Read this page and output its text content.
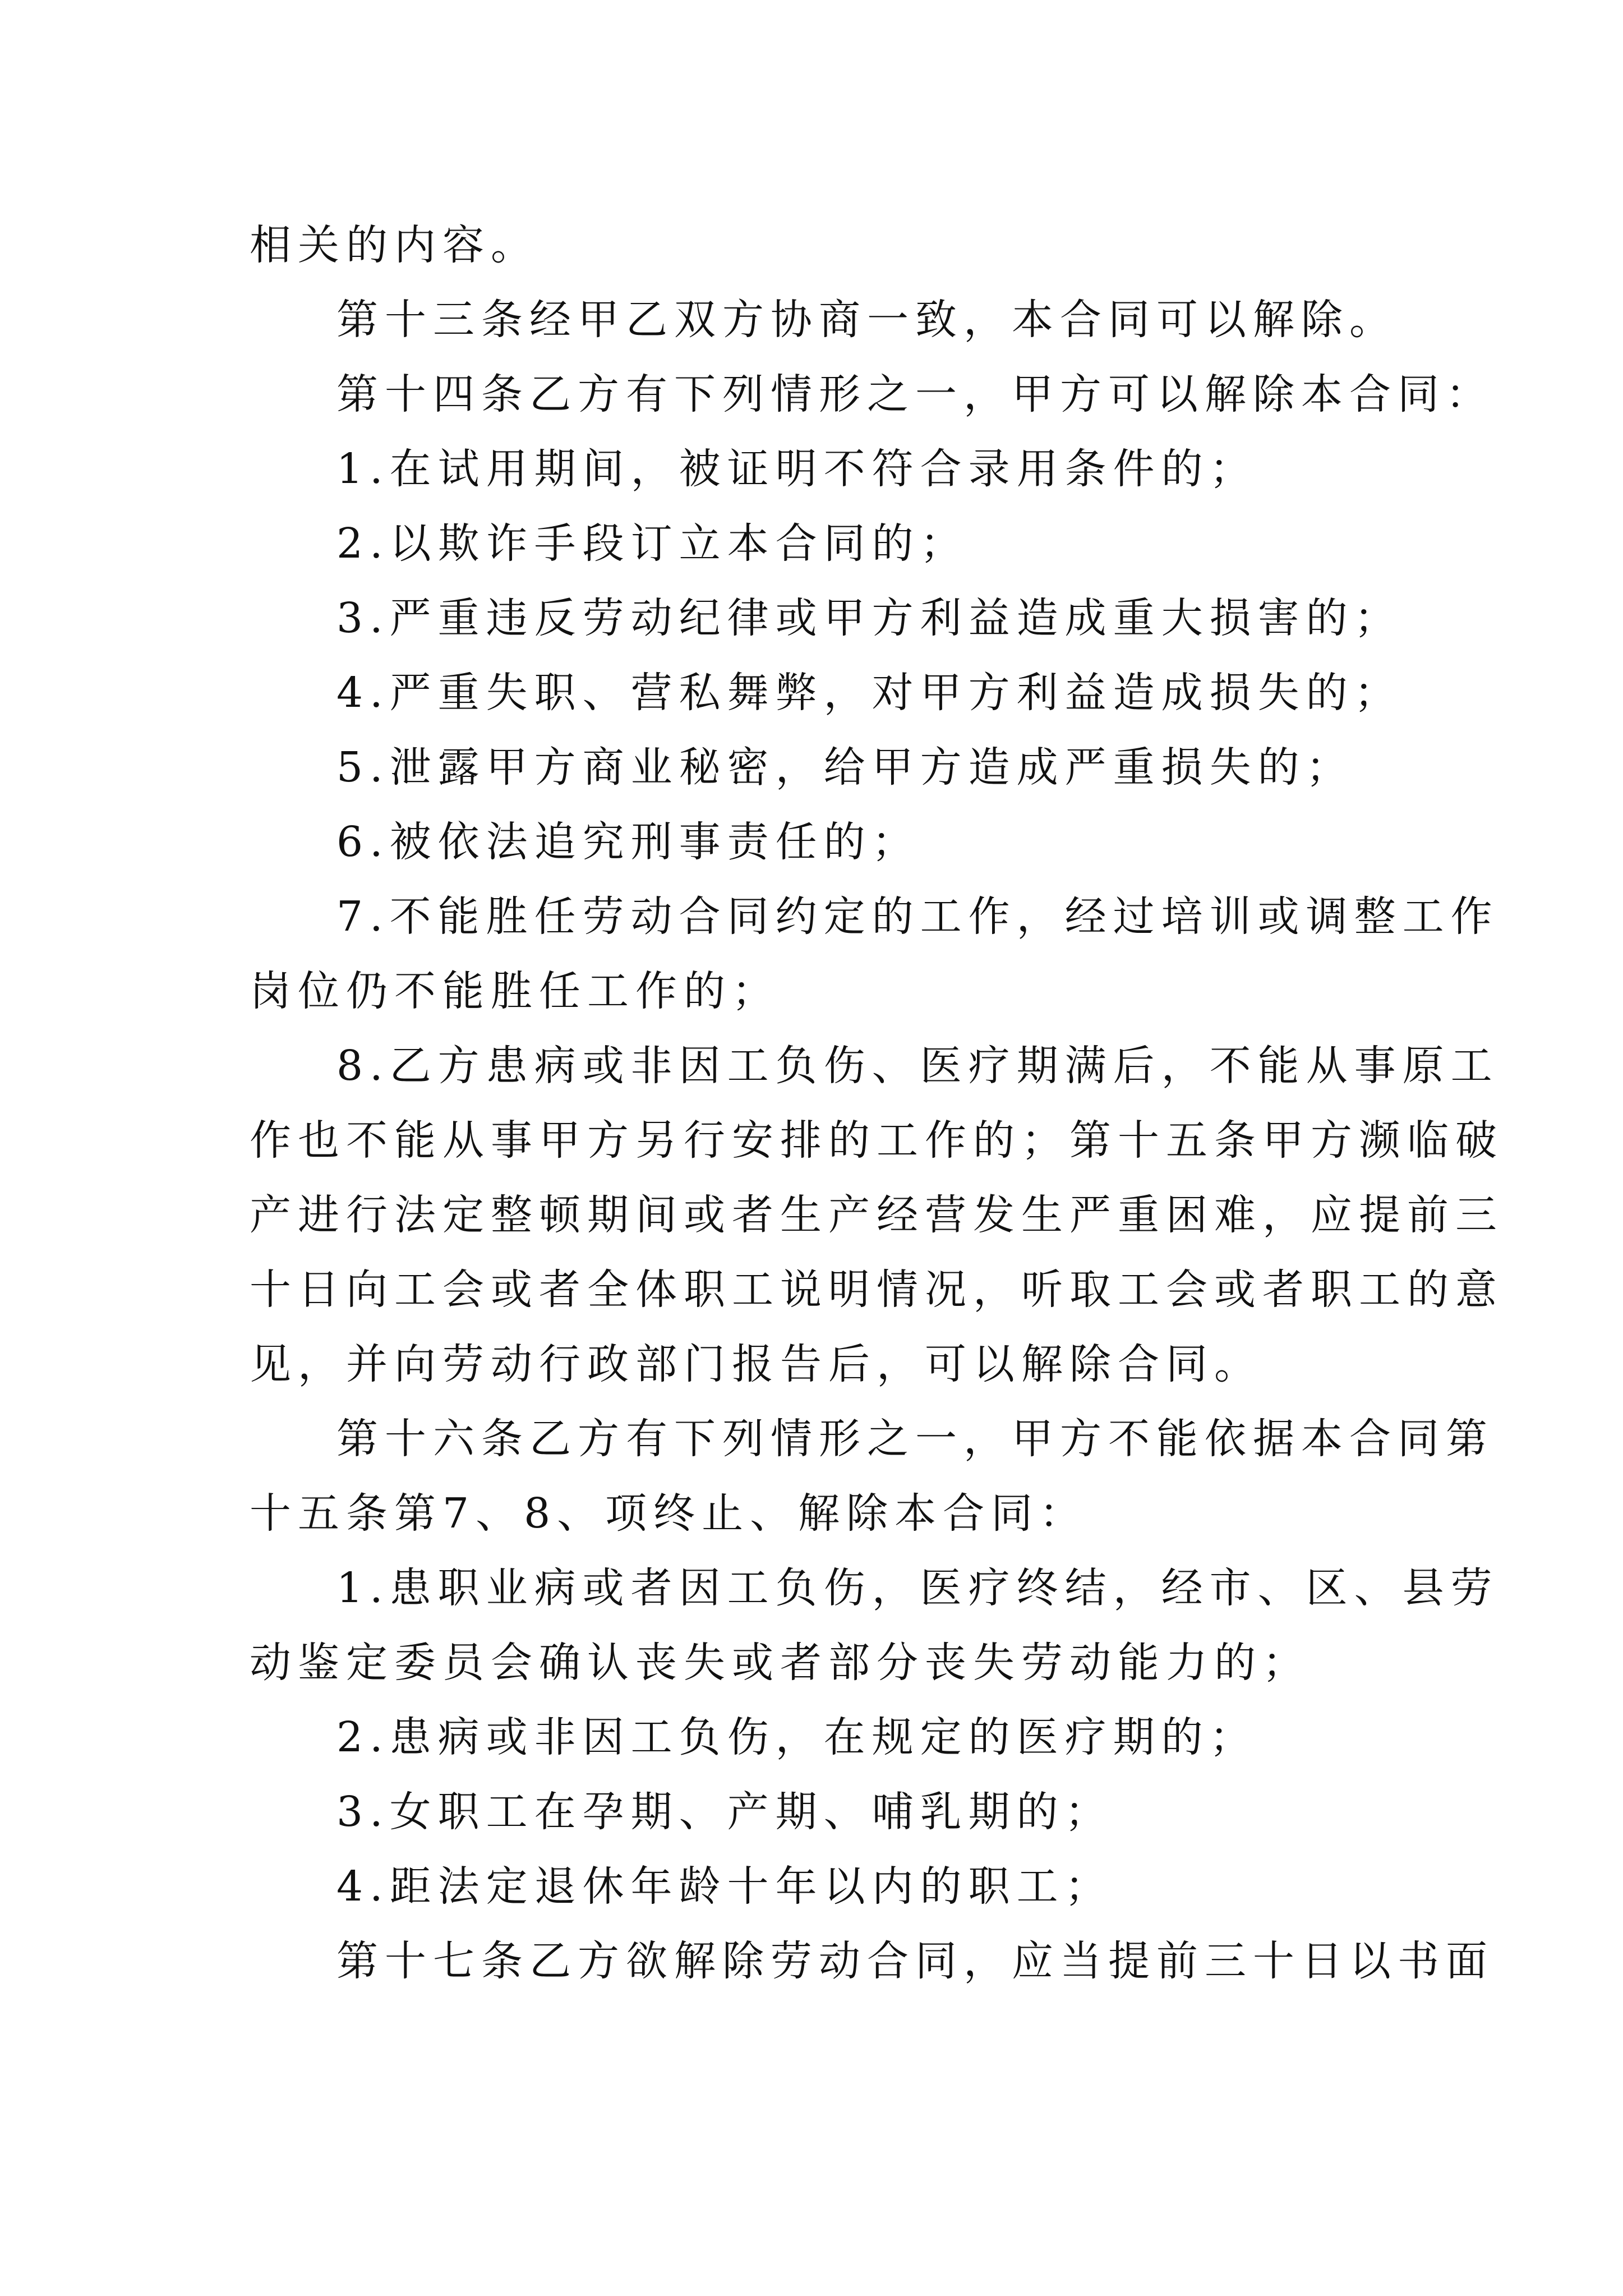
相关的内容。
第十三条经甲乙双方协商一致，本合同可以解除。
第十四条乙方有下列情形之一，甲方可以解除本合同：
1.在试用期间，被证明不符合录用条件的；
2.以欺诈手段订立本合同的；
3.严重违反劳动纪律或甲方利益造成重大损害的；
4.严重失职、营私舞弊，对甲方利益造成损失的；
5.泄露甲方商业秘密，给甲方造成严重损失的；
6.被依法追究刑事责任的；
7.不能胜任劳动合同约定的工作，经过培训或调整工作
岗位仍不能胜任工作的；
8.乙方患病或非因工负伤、医疗期满后，不能从事原工
作也不能从事甲方另行安排的工作的；第十五条甲方濒临破
产进行法定整顿期间或者生产经营发生严重困难，应提前三
十日向工会或者全体职工说明情况，听取工会或者职工的意
见，并向劳动行政部门报告后，可以解除合同。
第十六条乙方有下列情形之一，甲方不能依据本合同第
十五条第7、8、项终止、解除本合同：
1.患职业病或者因工负伤，医疗终结，经市、区、县劳
动鉴定委员会确认丧失或者部分丧失劳动能力的；
2.患病或非因工负伤，在规定的医疗期的；
3.女职工在孕期、产期、哺乳期的；
4.距法定退休年龄十年以内的职工；
第十七条乙方欲解除劳动合同，应当提前三十日以书面
